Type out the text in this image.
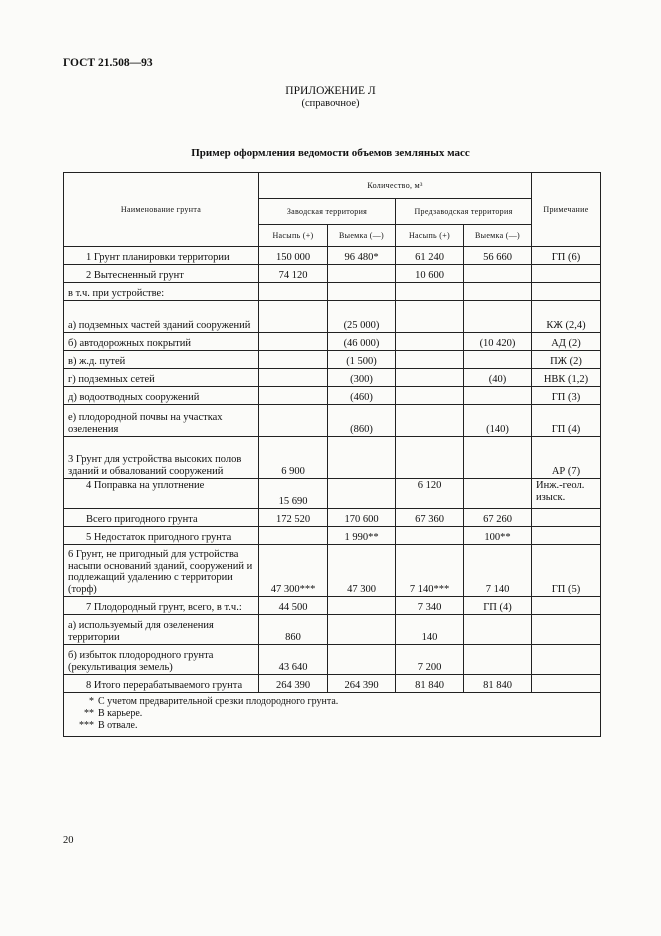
ГОСТ 21.508—93
ПРИЛОЖЕНИЕ Л
(справочное)
Пример оформления ведомости объемов земляных масс
Наименование грунта	Количество, м³				Примечание
	Заводская территория		Предзаводская территория		
	Насыпь (+)	Выемка (—)	Насыпь (+)	Выемка (—)	
1 Грунт планировки территории	150 000	96 480*	61 240	56 660	ГП (6)
2 Вытесненный грунт	74 120		10 600		
в т.ч. при устройстве:					
а) подземных частей зданий сооружений		(25 000)			КЖ (2,4)
б) автодорожных покрытий		(46 000)		(10 420)	АД (2)
в) ж.д. путей		(1 500)			ПЖ (2)
г) подземных сетей		(300)		(40)	НВК (1,2)
д) водоотводных сооружений		(460)			ГП (3)
е) плодородной почвы на участках озеленения		(860)		(140)	ГП (4)
3 Грунт для устройства высоких полов зданий и обвалований сооружений	6 900				АР (7)
4 Поправка на уплотнение	15 690		6 120		Инж.-геол. изыск.
Всего пригодного грунта	172 520	170 600	67 360	67 260	
5 Недостаток пригодного грунта		1 990**		100**	
6 Грунт, не пригодный для устройства насыпи оснований зданий, сооружений и подлежащий удалению с территории (торф)	47 300***	47 300	7 140***	7 140	ГП (5)
7 Плодородный грунт, всего, в т.ч.:	44 500		7 340	ГП (4)	
а) используемый для озеленения территории	860		140		
б) избыток плодородного грунта (рекультивация земель)	43 640		7 200		
8 Итого перерабатываемого грунта	264 390	264 390	81 840	81 840	

* С учетом предварительной срезки плодородного грунта.
** В карьере.
*** В отвале.					
20
